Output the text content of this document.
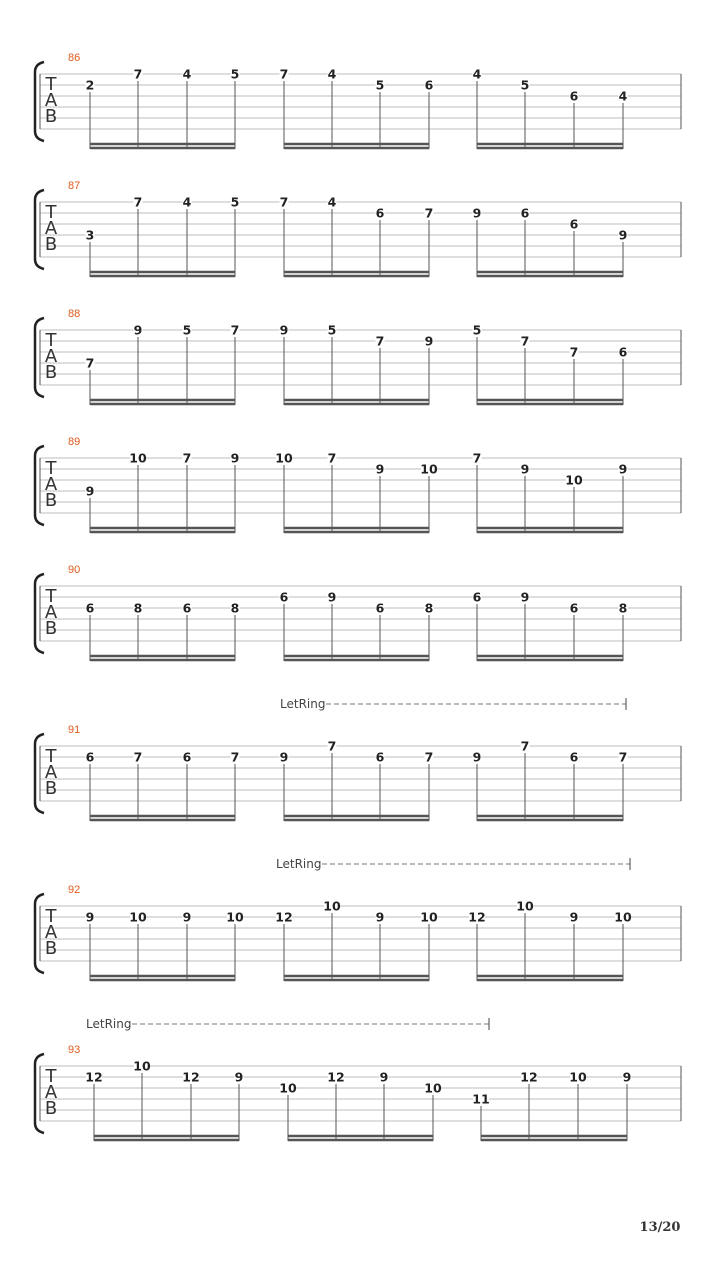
T
A
B
86
2
7	4	5	7	4
5	6
4
5
6	4
T
A
B
87
3
7	4	5	7	4
6	7	9	6
6
9
T
A
B
88
7
9	5	7	9	5
7	9
5
7
7	6
T
A
B
89
9
10	7	9	10	7
9	10
7
9
10
9
T
A
B
90
6	8	6	8
6	9
6	8
6	9
6	8
T
A
B
91
LetRing
6	7	6	7	9
7
6	7	9
7
6	7
T
A
B
92
LetRing
9	10	9	10	12
10
9	10 12
10
9	10
T
A
B
93
LetRing
12
10
12	9
10
12	9
10
11
12	10	9
13/20
